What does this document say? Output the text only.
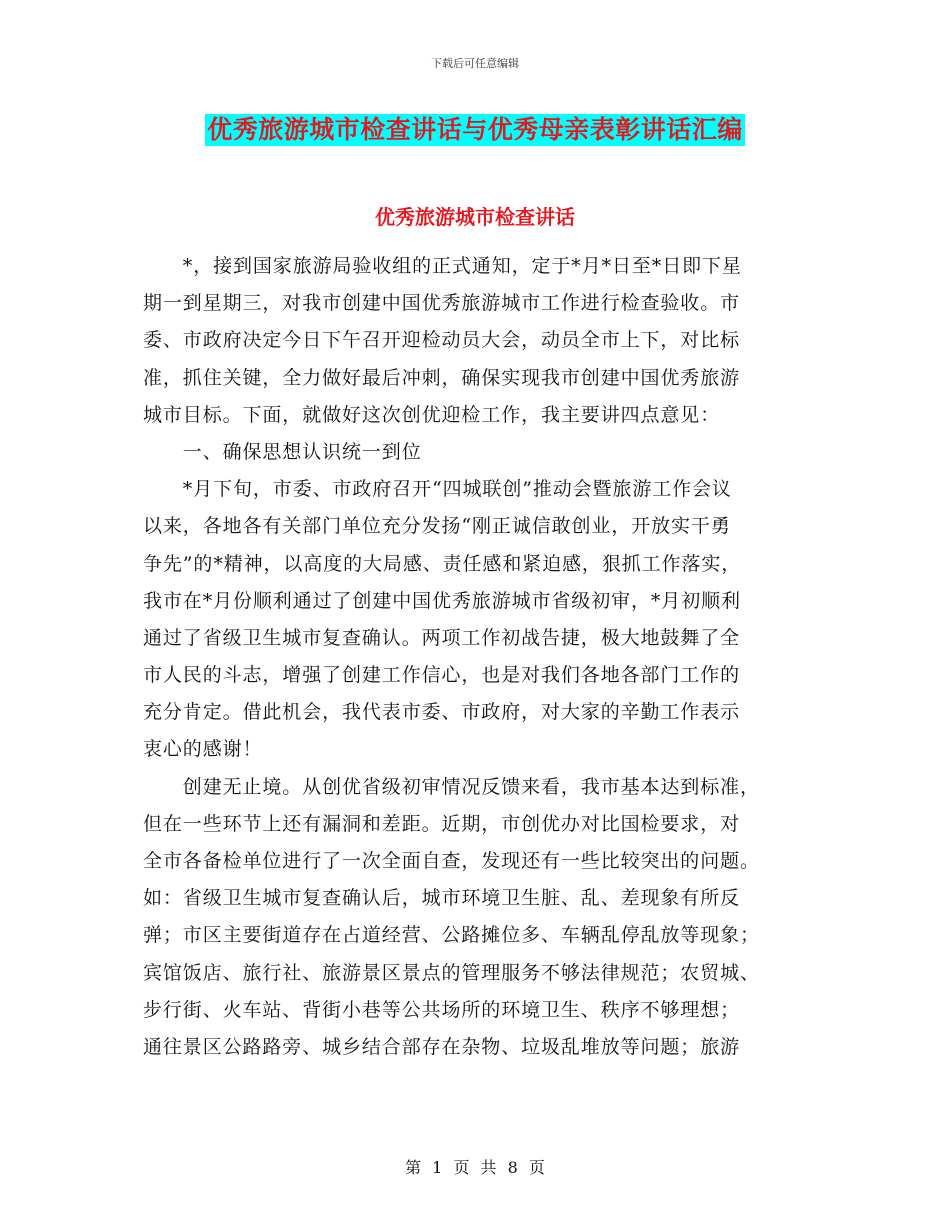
下载后可任意编辑
优秀旅游城市检查讲话与优秀母亲表彰讲话汇编
优秀旅游城市检查讲话
　　*，接到国家旅游局验收组的正式通知，定于*月*日至*日即下星
期一到星期三，对我市创建中国优秀旅游城市工作进行检查验收。市
委、市政府决定今日下午召开迎检动员大会，动员全市上下，对比标
准，抓住关键，全力做好最后冲刺，确保实现我市创建中国优秀旅游
城市目标。下面，就做好这次创优迎检工作，我主要讲四点意见：
　　一、确保思想认识统一到位
　　*月下旬，市委、市政府召开“四城联创”推动会暨旅游工作会议
以来，各地各有关部门单位充分发扬“刚正诚信敢创业，开放实干勇
争先”的*精神，以高度的大局感、责任感和紧迫感，狠抓工作落实，
我市在*月份顺利通过了创建中国优秀旅游城市省级初审，*月初顺利
通过了省级卫生城市复查确认。两项工作初战告捷，极大地鼓舞了全
市人民的斗志，增强了创建工作信心，也是对我们各地各部门工作的
充分肯定。借此机会，我代表市委、市政府，对大家的辛勤工作表示
衷心的感谢！
　　创建无止境。从创优省级初审情况反馈来看，我市基本达到标准，
但在一些环节上还有漏洞和差距。近期，市创优办对比国检要求，对
全市各备检单位进行了一次全面自查，发现还有一些比较突出的问题。
如：省级卫生城市复查确认后，城市环境卫生脏、乱、差现象有所反
弹；市区主要街道存在占道经营、公路摊位多、车辆乱停乱放等现象；
宾馆饭店、旅行社、旅游景区景点的管理服务不够法律规范；农贸城、
步行街、火车站、背街小巷等公共场所的环境卫生、秩序不够理想；
通往景区公路路旁、城乡结合部存在杂物、垃圾乱堆放等问题；旅游
第 1 页 共 8 页
